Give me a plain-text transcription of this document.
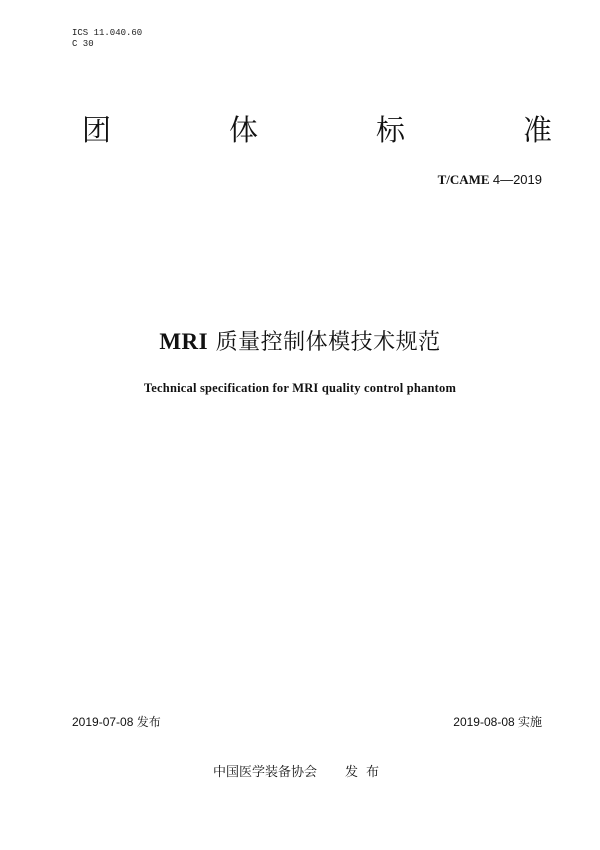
ICS 11.040.60
C 30
团	体	标	准
T/CAME 4—2019
MRI 质量控制体模技术规范
Technical specification for MRI quality control phantom
2019-07-08 发布	2019-08-08 实施
中国医学装备协会 发布
